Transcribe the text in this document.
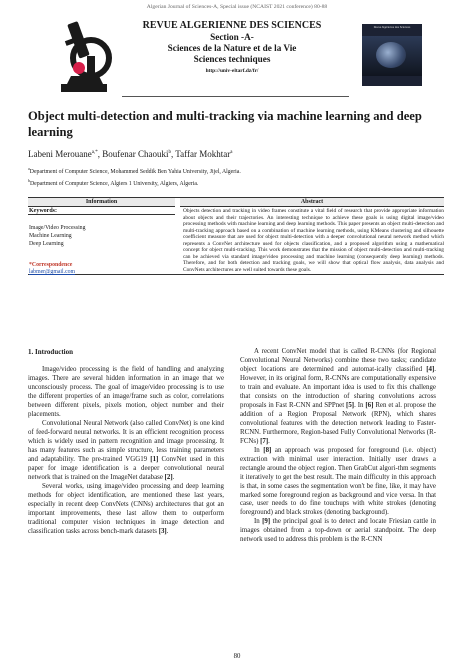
Algerian Journal of Sciences-A, Special issue (NCAIST 2021 conference) 80-88
REVUE ALGERIENNE DES SCIENCES
Section -A-
Sciences de la Nature et de la Vie
Sciences techniques
http://univ-eltarf.dz/fr/
Revue Algérienne des Sciences
Object multi-detection and multi-tracking via machine learning and deep learning
Labeni Merouane$^{a,*}$, Boufenar Chaouki$^b$, Taffar Mokhtar$^a$
$^a$Department of Computer Science, Mohammed Seddik Ben Yahia University, Jijel, Algeria.
$^b$Department of Computer Science, Algiers 1 University, Algiers, Algeria.
Information	Abstract
Keywords:
Image/Video Processing
Machine Learning
Deep Learning
*Correspondence
labmer@gmail.com
Objects detection and tracking in video frames constitute a vital field of research that provide appropriate information about objects and their trajectories. An interesting technique to achieve these goals is using digital image/video processing methods with machine learning and deep learning methods. This paper presents an object multi-detection and multi-tracking approach based on a combination of machine learning methods, using KMeans clustering and silhouette coefficient measure that are used for object multi-detection with a deeper convolutional neural network method which represents a ConvNet architecture used for objects classification, and a proposed algorithm using a mathematical concept for object multi-tracking. This work demonstrates that the mission of object multi-detection and multi-tracking can be achieved via standard image/video processing and machine learning (consequently deep learning) methods. Therefore, and for both detection and tracking goals, we will show that optical flow analysis, data analysis and ConvNets architectures are well suited towards these goals.
1. Introduction

Image/video processing is the field of handling and analyzing images. There are several hidden information in an image that we unconsciously process. The goal of image/video processing is to use the different properties of an image/frame such as color, correlations between different pixels, pixels motion, object number and their placements.

Convolutional Neural Network (also called ConvNet) is one kind of feed-forward neural networks. It is an efficient recognition process which is widely used in pattern recognition and image processing. It has many features such as simple structure, less training parameters and adaptability. The pre-trained VGG19 [1] ConvNet used in this paper for image identification is a deeper convolutional neural network that is trained on the ImageNet database [2].

Several works, using image/video processing and deep learning methods for object identification, are mentioned these last years, especially in recent deep ConvNets (CNNs) architectures that got an important improvements, these last allow them to outperform traditional computer vision techniques in image detection and classification tasks across bench-mark datasets [3].

A recent ConvNet model that is called R-CNNs (for Regional Convolutional Neural Networks) combine these two tasks; candidate object locations are determined and automat-ically classified [4]. However, in its original form, R-CNNs are computationally expensive to train and evaluate. An important idea is used to fix this challenge that consists on the introduction of sharing convolutions across proposals in Fast R-CNN and SPPnet [5]. In [6] Ren et al. propose the addition of a Region Proposal Network (RPN), which shares convolutional features with the detection network leading to Faster-RCNN. Furthermore, Region-based Fully Convolutional Networks (R-FCNs) [7].

In [8] an approach was proposed for foreground (i.e. object) extraction with minimal user interaction. Initially user draws a rectangle around the object region. Then GrabCut algori-thm segments it iteratively to get the best result. The main difficulty in this approach is that, in some cases the segmentation won't be fine, like, it may have marked some foreground region as background and vice versa. In that case, user needs to do fine touchups with white strokes (denoting foreground) and black strokes (denoting background).

In [9] the principal goal is to detect and locate Friesian cattle in images obtained from a top-down or aerial standpoint. The deep network used to address this problem is the R-CNN

80
